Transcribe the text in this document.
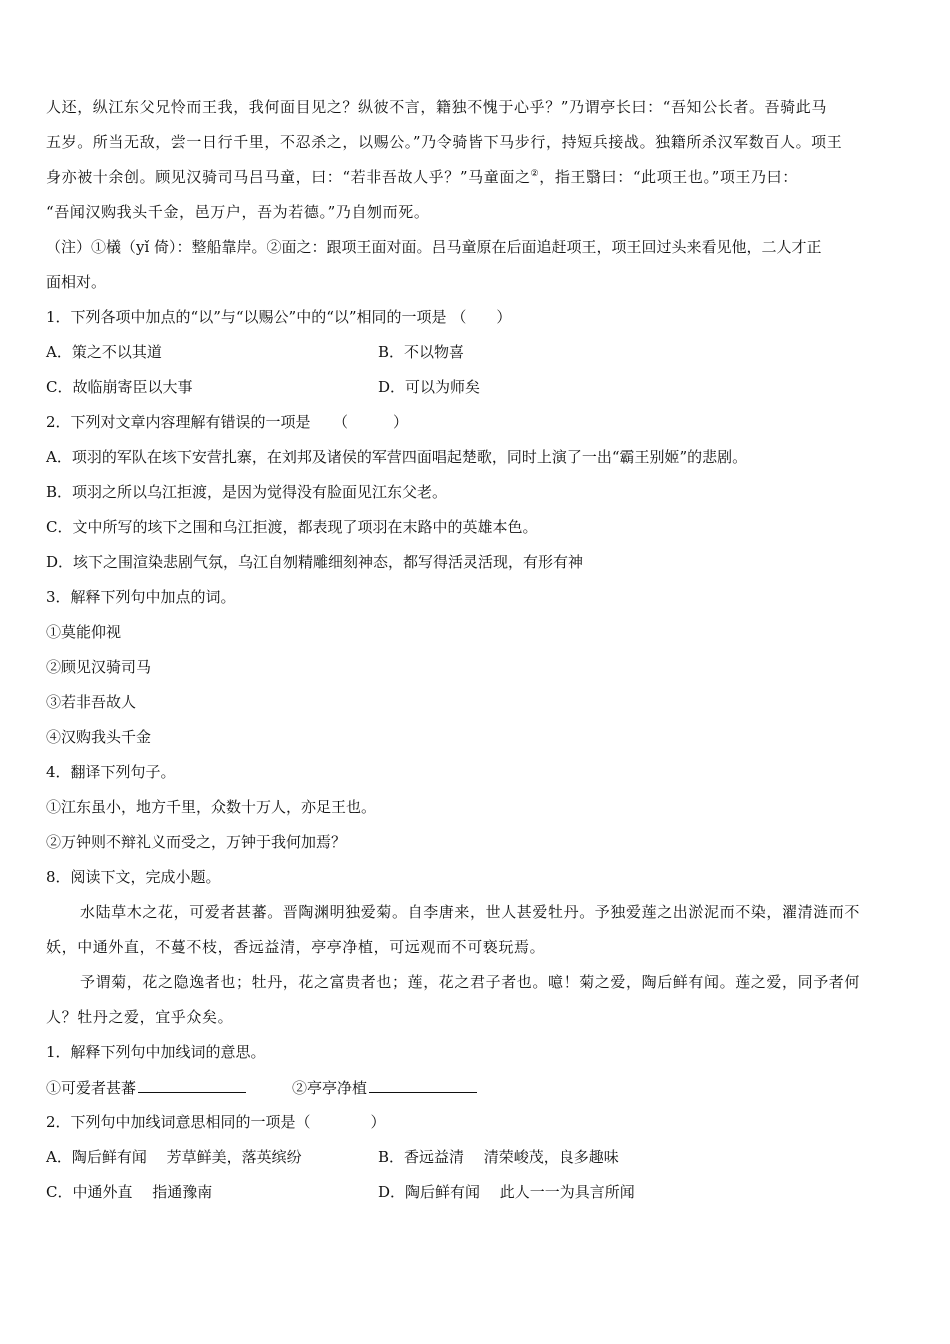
人还，纵江东父兄怜而王我，我何面目见之？纵彼不言，籍独不愧于心乎？”乃谓亭长曰：“吾知公长者。吾骑此马
五岁。所当无敌，尝一日行千里，不忍杀之，以赐公。”乃令骑皆下马步行，持短兵接战。独籍所杀汉军数百人。项王
身亦被十余创。顾见汉骑司马吕马童，曰：“若非吾故人乎？”马童面之②，指王翳曰：“此项王也。”项王乃曰：
“吾闻汉购我头千金，邑万户，吾为若德。”乃自刎而死。
（注）①檥（yǐ 倚）：整船靠岸。②面之：跟项王面对面。吕马童原在后面追赶项王，项王回过头来看见他，二人才正
面相对。
1．下列各项中加点的“以”与“以赐公”中的“以”相同的一项是 （　　）
A．策之不以其道	B．不以物喜
C．故临崩寄臣以大事	D．可以为师矣
2．下列对文章内容理解有错误的一项是　　（　　　）
A．项羽的军队在垓下安营扎寨，在刘邦及诸侯的军营四面唱起楚歌，同时上演了一出“霸王别姬”的悲剧。
B．项羽之所以乌江拒渡，是因为觉得没有脸面见江东父老。
C．文中所写的垓下之围和乌江拒渡，都表现了项羽在末路中的英雄本色。
D．垓下之围渲染悲剧气氛，乌江自刎精雕细刻神态，都写得活灵活现，有形有神
3．解释下列句中加点的词。
①莫能仰视
②顾见汉骑司马
③若非吾故人
④汉购我头千金
4．翻译下列句子。
①江东虽小，地方千里，众数十万人，亦足王也。
②万钟则不辩礼义而受之，万钟于我何加焉？
8．阅读下文，完成小题。
水陆草木之花，可爱者甚蕃。晋陶渊明独爱菊。自李唐来，世人甚爱牡丹。予独爱莲之出淤泥而不染，濯清涟而不
妖，中通外直，不蔓不枝，香远益清，亭亭净植，可远观而不可亵玩焉。
予谓菊，花之隐逸者也；牡丹，花之富贵者也；莲，花之君子者也。噫！菊之爱，陶后鲜有闻。莲之爱，同予者何
人？牡丹之爱，宜乎众矣。
1．解释下列句中加线词的意思。
①可爱者甚蕃	②亭亭净植
2．下列句中加线词意思相同的一项是（　　　　）
A．陶后鲜有闻　 芳草鲜美，落英缤纷	B．香远益清　 清荣峻茂，良多趣味
C．中通外直　 指通豫南	D．陶后鲜有闻　 此人一一为具言所闻
